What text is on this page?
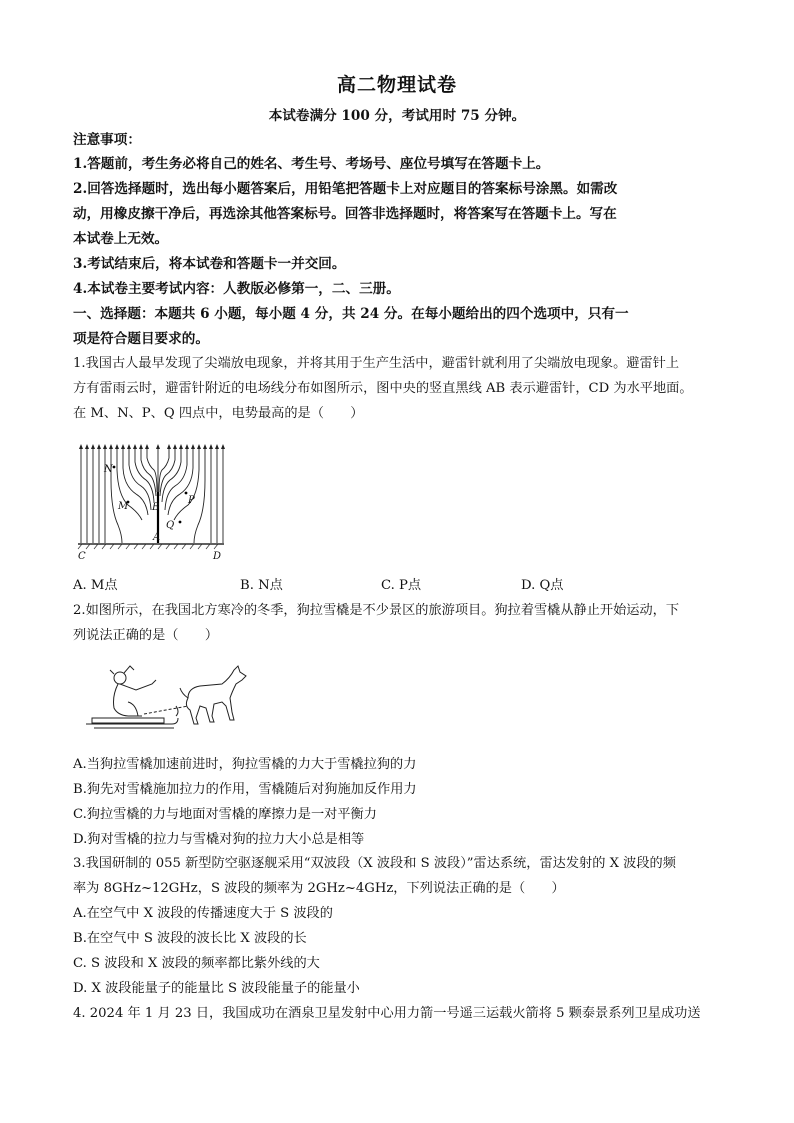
高二物理试卷
本试卷满分 100 分，考试用时 75 分钟。
注意事项：
1.答题前，考生务必将自己的姓名、考生号、考场号、座位号填写在答题卡上。
2.回答选择题时，选出每小题答案后，用铅笔把答题卡上对应题目的答案标号涂黑。如需改
动，用橡皮擦干净后，再选涂其他答案标号。回答非选择题时，将答案写在答题卡上。写在
本试卷上无效。
3.考试结束后，将本试卷和答题卡一并交回。
4.本试卷主要考试内容：人教版必修第一，二、三册。
一、选择题：本题共 6 小题，每小题 4 分，共 24 分。在每小题给出的四个选项中，只有一
项是符合题目要求的。
1.我国古人最早发现了尖端放电现象，并将其用于生产生活中，避雷针就利用了尖端放电现象。避雷针上
方有雷雨云时，避雷针附近的电场线分布如图所示，图中央的竖直黑线 AB 表示避雷针，CD 为水平地面。
在 M、N、P、Q 四点中，电势最高的是（　　）
N
M B
P
Q
A
C	D
A. M点	B. N点	C. P点	D. Q点
2.如图所示，在我国北方寒冷的冬季，狗拉雪橇是不少景区的旅游项目。狗拉着雪橇从静止开始运动，下
列说法正确的是（　　）
A.当狗拉雪橇加速前进时，狗拉雪橇的力大于雪橇拉狗的力
B.狗先对雪橇施加拉力的作用，雪橇随后对狗施加反作用力
C.狗拉雪橇的力与地面对雪橇的摩擦力是一对平衡力
D.狗对雪橇的拉力与雪橇对狗的拉力大小总是相等
3.我国研制的 055 新型防空驱逐舰采用“双波段（X 波段和 S 波段）”雷达系统，雷达发射的 X 波段的频
率为 8GHz~12GHz，S 波段的频率为 2GHz~4GHz，下列说法正确的是（　　）
A.在空气中 X 波段的传播速度大于 S 波段的
B.在空气中 S 波段的波长比 X 波段的长
C. S 波段和 X 波段的频率都比紫外线的大
D. X 波段能量子的能量比 S 波段能量子的能量小
4. 2024 年 1 月 23 日，我国成功在酒泉卫星发射中心用力箭一号遥三运载火箭将 5 颗泰景系列卫星成功送
